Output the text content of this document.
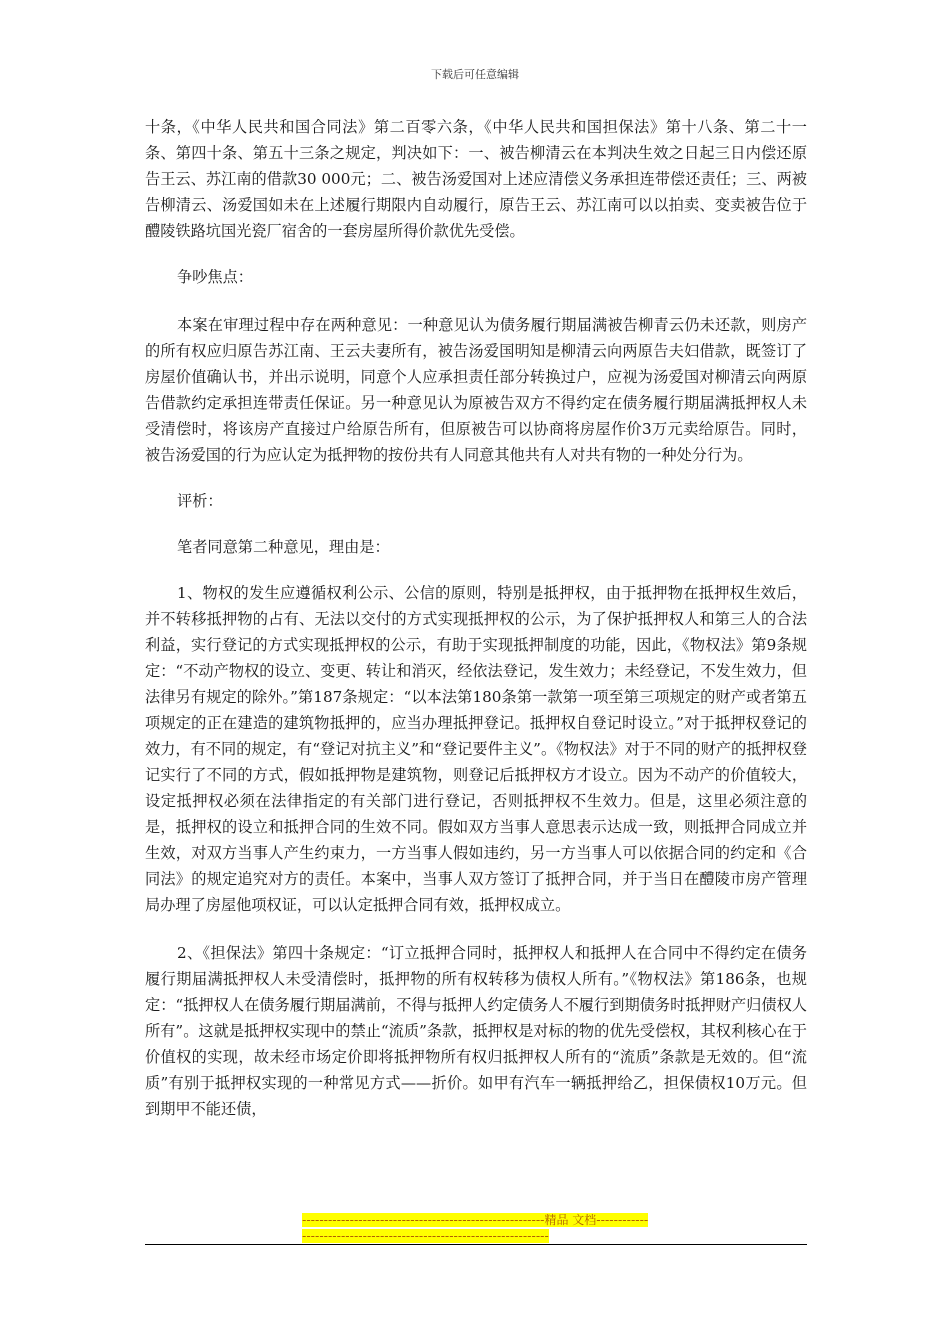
下载后可任意编辑

十条，《中华人民共和国合同法》第二百零六条，《中华人民共和国担保法》第十八条、第二十一条、第四十条、第五十三条之规定，判决如下：一、被告柳清云在本判决生效之日起三日内偿还原告王云、苏江南的借款30 000元；二、被告汤爱国对上述应清偿义务承担连带偿还责任；三、两被告柳清云、汤爱国如未在上述履行期限内自动履行，原告王云、苏江南可以以拍卖、变卖被告位于醴陵铁路坑国光瓷厂宿舍的一套房屋所得价款优先受偿。

争吵焦点：

本案在审理过程中存在两种意见：一种意见认为债务履行期届满被告柳青云仍未还款，则房产的所有权应归原告苏江南、王云夫妻所有，被告汤爱国明知是柳清云向两原告夫妇借款，既签订了房屋价值确认书，并出示说明，同意个人应承担责任部分转换过户，应视为汤爱国对柳清云向两原告借款约定承担连带责任保证。另一种意见认为原被告双方不得约定在债务履行期届满抵押权人未受清偿时，将该房产直接过户给原告所有，但原被告可以协商将房屋作价3万元卖给原告。同时，被告汤爱国的行为应认定为抵押物的按份共有人同意其他共有人对共有物的一种处分行为。

评析：

笔者同意第二种意见，理由是：

1、物权的发生应遵循权利公示、公信的原则，特别是抵押权，由于抵押物在抵押权生效后，并不转移抵押物的占有、无法以交付的方式实现抵押权的公示，为了保护抵押权人和第三人的合法利益，实行登记的方式实现抵押权的公示，有助于实现抵押制度的功能，因此，《物权法》第9条规定：“不动产物权的设立、变更、转让和消灭，经依法登记，发生效力；未经登记，不发生效力，但法律另有规定的除外。”第187条规定：“以本法第180条第一款第一项至第三项规定的财产或者第五项规定的正在建造的建筑物抵押的，应当办理抵押登记。抵押权自登记时设立。”对于抵押权登记的效力，有不同的规定，有“登记对抗主义”和“登记要件主义”。《物权法》对于不同的财产的抵押权登记实行了不同的方式，假如抵押物是建筑物，则登记后抵押权方才设立。因为不动产的价值较大，设定抵押权必须在法律指定的有关部门进行登记，否则抵押权不生效力。但是，这里必须注意的是，抵押权的设立和抵押合同的生效不同。假如双方当事人意思表示达成一致，则抵押合同成立并生效，对双方当事人产生约束力，一方当事人假如违约，另一方当事人可以依据合同的约定和《合同法》的规定追究对方的责任。本案中，当事人双方签订了抵押合同，并于当日在醴陵市房产管理局办理了房屋他项权证，可以认定抵押合同有效，抵押权成立。

2、《担保法》第四十条规定：“订立抵押合同时，抵押权人和抵押人在合同中不得约定在债务履行期届满抵押权人未受清偿时，抵押物的所有权转移为债权人所有。”《物权法》第186条，也规定：“抵押权人在债务履行期届满前，不得与抵押人约定债务人不履行到期债务时抵押财产归债权人所有”。这就是抵押权实现中的禁止“流质”条款，抵押权是对标的物的优先受偿权，其权利核心在于价值权的实现，故未经市场定价即将抵押物所有权归抵押权人所有的“流质”条款是无效的。但“流质”有别于抵押权实现的一种常见方式——折价。如甲有汽车一辆抵押给乙，担保债权10万元。但到期甲不能还债，

--------------------------------------------------------精品 文档---------------------------------------------------------------------
